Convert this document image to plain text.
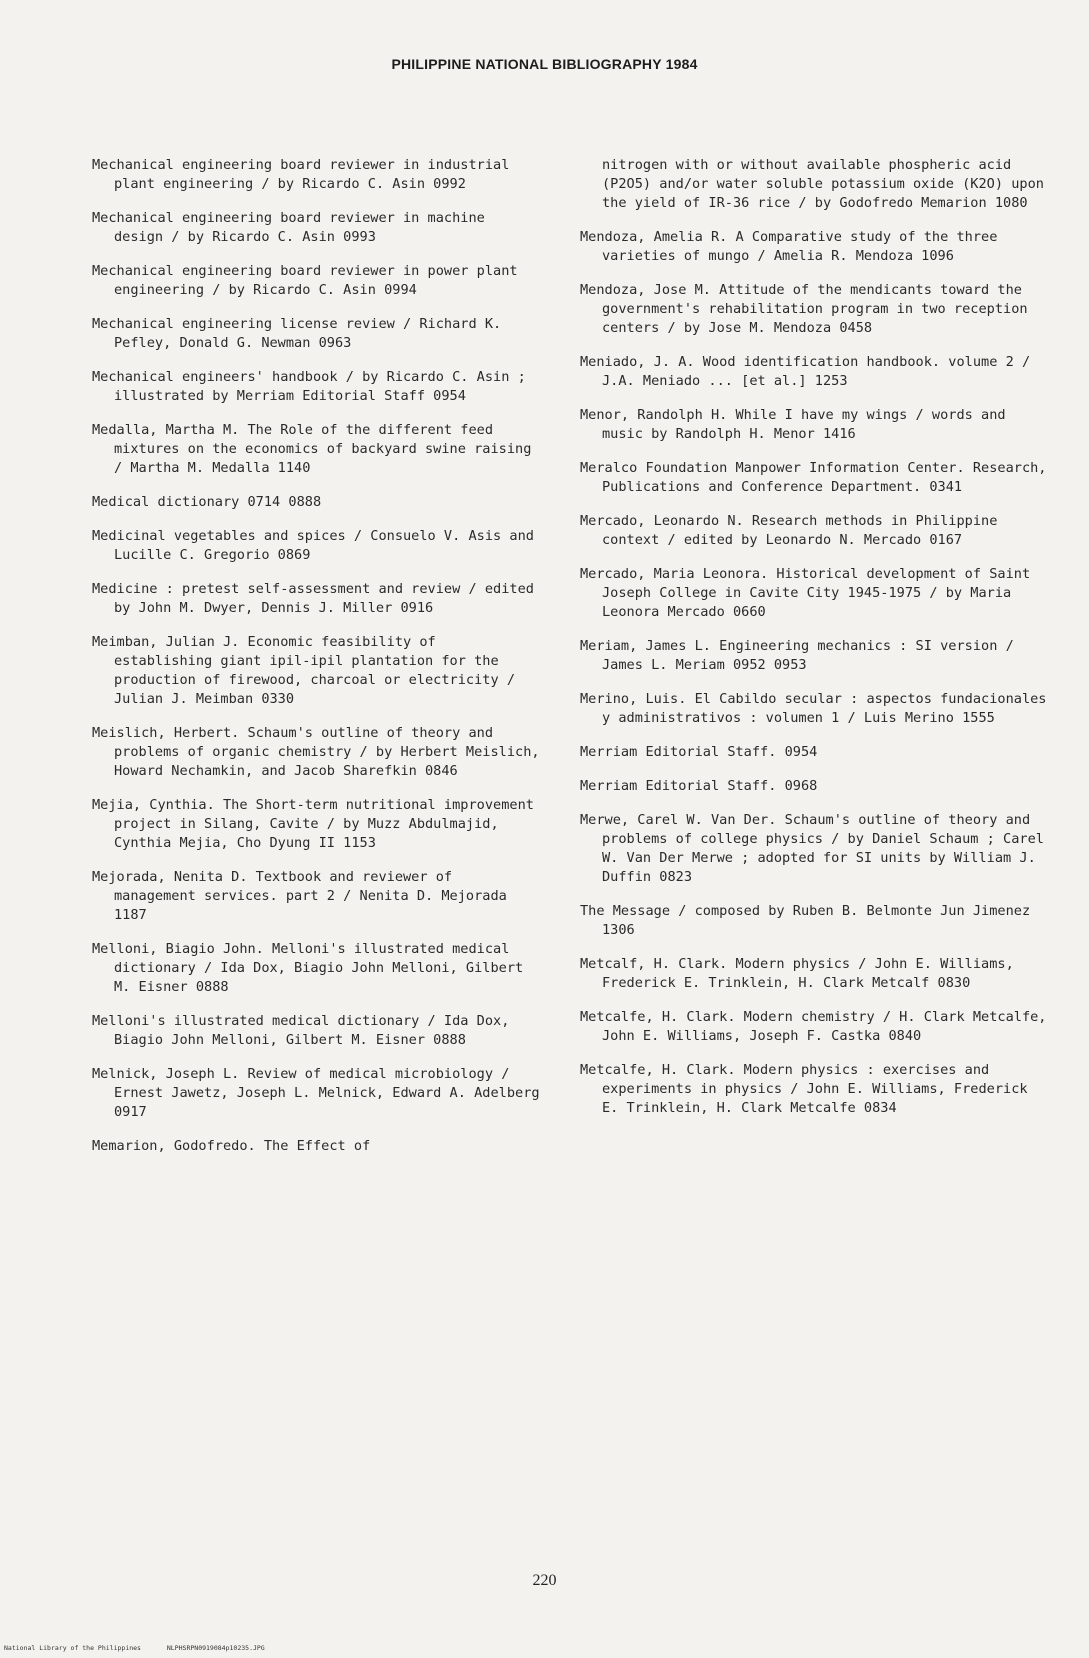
PHILIPPINE NATIONAL BIBLIOGRAPHY 1984

Mechanical engineering board reviewer in industrial plant engineering / by Ricardo C. Asin 0992

Mechanical engineering board reviewer in machine design / by Ricardo C. Asin 0993

Mechanical engineering board reviewer in power plant engineering / by Ricardo C. Asin 0994

Mechanical engineering license review / Richard K. Pefley, Donald G. Newman 0963

Mechanical engineers' handbook / by Ricardo C. Asin ; illustrated by Merriam Editorial Staff 0954

Medalla, Martha M. The Role of the different feed mixtures on the economics of backyard swine raising / Martha M. Medalla 1140

Medical dictionary 0714 0888

Medicinal vegetables and spices / Consuelo V. Asis and Lucille C. Gregorio 0869

Medicine : pretest self-assessment and review / edited by John M. Dwyer, Dennis J. Miller 0916

Meimban, Julian J. Economic feasibility of establishing giant ipil-ipil plantation for the production of firewood, charcoal or electricity / Julian J. Meimban 0330

Meislich, Herbert. Schaum's outline of theory and problems of organic chemistry / by Herbert Meislich, Howard Nechamkin, and Jacob Sharefkin 0846

Mejia, Cynthia. The Short-term nutritional improvement project in Silang, Cavite / by Muzz Abdulmajid, Cynthia Mejia, Cho Dyung II 1153

Mejorada, Nenita D. Textbook and reviewer of management services. part 2 / Nenita D. Mejorada 1187

Melloni, Biagio John. Melloni's illustrated medical dictionary / Ida Dox, Biagio John Melloni, Gilbert M. Eisner 0888

Melloni's illustrated medical dictionary / Ida Dox, Biagio John Melloni, Gilbert M. Eisner 0888

Melnick, Joseph L. Review of medical microbiology / Ernest Jawetz, Joseph L. Melnick, Edward A. Adelberg 0917

Memarion, Godofredo. The Effect of

nitrogen with or without available phospheric acid (P2O5) and/or water soluble potassium oxide (K2O) upon the yield of IR-36 rice / by Godofredo Memarion 1080

Mendoza, Amelia R. A Comparative study of the three varieties of mungo / Amelia R. Mendoza 1096

Mendoza, Jose M. Attitude of the mendicants toward the government's rehabilitation program in two reception centers / by Jose M. Mendoza 0458

Meniado, J. A. Wood identification handbook. volume 2 / J.A. Meniado ... [et al.] 1253

Menor, Randolph H. While I have my wings / words and music by Randolph H. Menor 1416

Meralco Foundation Manpower Information Center. Research, Publications and Conference Department. 0341

Mercado, Leonardo N. Research methods in Philippine context / edited by Leonardo N. Mercado 0167

Mercado, Maria Leonora. Historical development of Saint Joseph College in Cavite City 1945-1975 / by Maria Leonora Mercado 0660

Meriam, James L. Engineering mechanics : SI version / James L. Meriam 0952 0953

Merino, Luis. El Cabildo secular : aspectos fundacionales y administrativos : volumen 1 / Luis Merino 1555

Merriam Editorial Staff. 0954

Merriam Editorial Staff. 0968

Merwe, Carel W. Van Der. Schaum's outline of theory and problems of college physics / by Daniel Schaum ; Carel W. Van Der Merwe ; adopted for SI units by William J. Duffin 0823

The Message / composed by Ruben B. Belmonte Jun Jimenez 1306

Metcalf, H. Clark. Modern physics / John E. Williams, Frederick E. Trinklein, H. Clark Metcalf 0830

Metcalfe, H. Clark. Modern chemistry / H. Clark Metcalfe, John E. Williams, Joseph F. Castka 0840

Metcalfe, H. Clark. Modern physics : exercises and experiments in physics / John E. Williams, Frederick E. Trinklein, H. Clark Metcalfe 0834

220
National Library of the Philippines	NLPHSRPN0919084p10235.JPG
